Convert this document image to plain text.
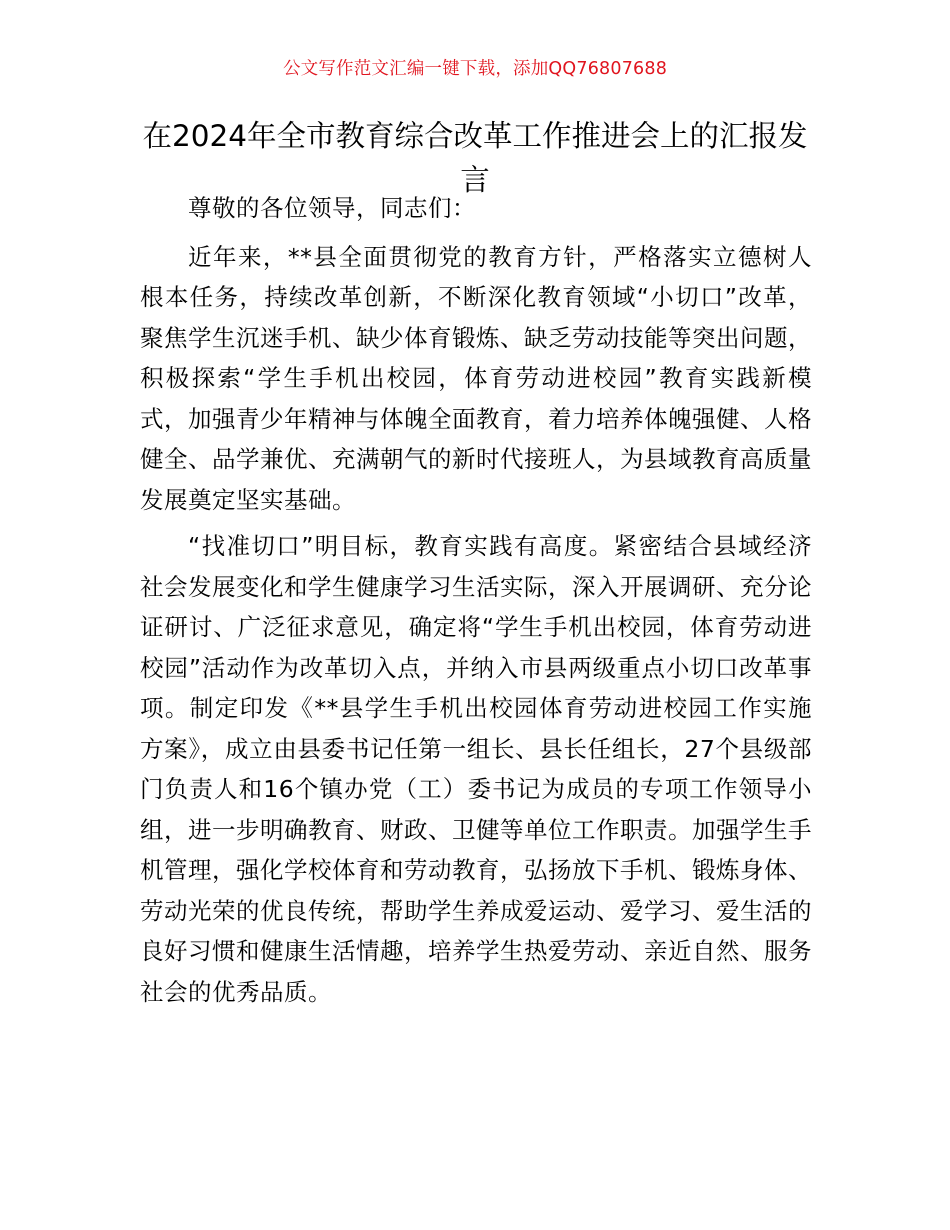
公文写作范文汇编一键下载，添加QQ76807688
在2024年全市教育综合改革工作推进会上的汇报发言

尊敬的各位领导，同志们：

近年来，**县全面贯彻党的教育方针，严格落实立德树人根本任务，持续改革创新，不断深化教育领域“小切口”改革，聚焦学生沉迷手机、缺少体育锻炼、缺乏劳动技能等突出问题，积极探索“学生手机出校园，体育劳动进校园”教育实践新模式，加强青少年精神与体魄全面教育，着力培养体魄强健、人格健全、品学兼优、充满朝气的新时代接班人，为县域教育高质量发展奠定坚实基础。

“找准切口”明目标，教育实践有高度。紧密结合县域经济社会发展变化和学生健康学习生活实际，深入开展调研、充分论证研讨、广泛征求意见，确定将“学生手机出校园，体育劳动进校园”活动作为改革切入点，并纳入市县两级重点小切口改革事项。制定印发《**县学生手机出校园体育劳动进校园工作实施方案》，成立由县委书记任第一组长、县长任组长，27个县级部门负责人和16个镇办党（工）委书记为成员的专项工作领导小组，进一步明确教育、财政、卫健等单位工作职责。加强学生手机管理，强化学校体育和劳动教育，弘扬放下手机、锻炼身体、劳动光荣的优良传统，帮助学生养成爱运动、爱学习、爱生活的良好习惯和健康生活情趣，培养学生热爱劳动、亲近自然、服务社会的优秀品质。
